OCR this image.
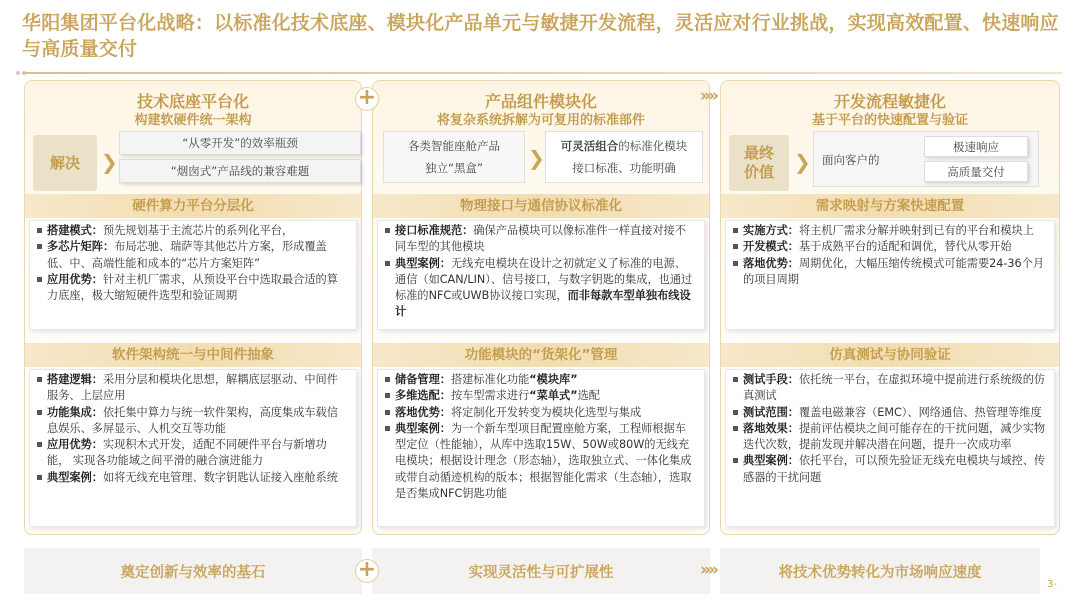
华阳集团平台化战略：以标准化技术底座、模块化产品单元与敏捷开发流程，灵活应对行业挑战，实现高效配置、快速响应与高质量交付
技术底座平台化
构建软硬件统一架构
解决	❯
“从零开发”的效率瓶颈
“烟囱式”产品线的兼容难题
硬件算力平台分层化
搭建模式：预先规划基于主流芯片的系列化平台，
多芯片矩阵：布局芯驰、瑞萨等其他芯片方案，形成覆盖低、中、高端性能和成本的“芯片方案矩阵”
应用优势：针对主机厂需求，从预设平台中选取最合适的算力底座，极大缩短硬件选型和验证周期
软件架构统一与中间件抽象
搭建逻辑：采用分层和模块化思想，解耦底层驱动、中间件服务、上层应用
功能集成：依托集中算力与统一软件架构，高度集成车载信息娱乐、多屏显示、人机交互等功能
应用优势：实现积木式开发，适配不同硬件平台与新增功能， 实现各功能域之间平滑的融合演进能力
典型案例：如将无线充电管理、数字钥匙认证接入座舱系统
产品组件模块化
将复杂系统拆解为可复用的标准部件
各类智能座舱产品
独立“黑盒”	❯	可灵活组合的标准化模块
接口标准、功能明确
物理接口与通信协议标准化
接口标准规范：确保产品模块可以像标准件一样直接对接不同车型的其他模块
典型案例：无线充电模块在设计之初就定义了标准的电源、通信（如CAN/LIN）、信号接口，与数字钥匙的集成，也通过标准的NFC或UWB协议接口实现，而非每款车型单独布线设计
功能模块的“货架化”管理
储备管理：搭建标准化功能“模块库”
多维选配：按车型需求进行“菜单式”选配
落地优势：将定制化开发转变为模块化选型与集成
典型案例：为一个新车型项目配置座舱方案，工程师根据车型定位（性能轴），从库中选取15W、50W或80W的无线充电模块；根据设计理念（形态轴），选取独立式、一体化集成或带自动循迹机构的版本；根据智能化需求（生态轴），选取是否集成NFC钥匙功能
开发流程敏捷化
基于平台的快速配置与验证
最终价值	❯ 面向客户的
极速响应
高质量交付
需求映射与方案快速配置
实施方式：将主机厂需求分解并映射到已有的平台和模块上
开发模式：基于成熟平台的适配和调优，替代从零开始
落地优势：周期优化，大幅压缩传统模式可能需要24-36个月的项目周期
仿真测试与协同验证
测试手段：依托统一平台，在虚拟环境中提前进行系统级的仿真测试
测试范围：覆盖电磁兼容（EMC）、网络通信、热管理等维度
落地效果：提前评估模块之间可能存在的干扰问题，减少实物迭代次数，提前发现并解决潜在问题，提升一次成功率
典型案例：依托平台，可以预先验证无线充电模块与域控、传感器的干扰问题
+	»»
奠定创新与效率的基石	实现灵活性与可扩展性	将技术优势转化为市场响应速度
+	»»
3-
